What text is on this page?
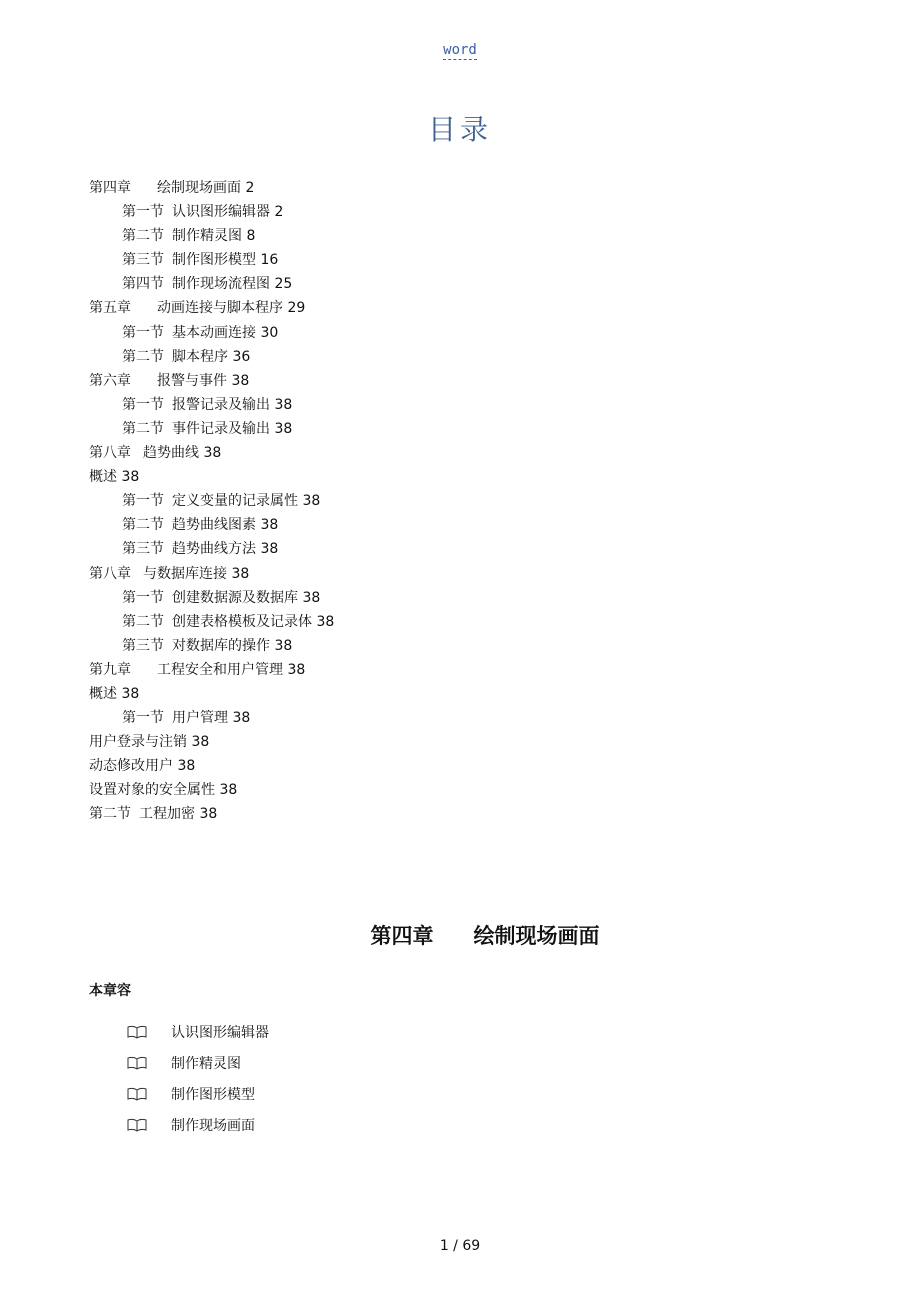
word
目录
第四章 绘制现场画面 2
第一节 认识图形编辑器 2
第二节 制作精灵图 8
第三节 制作图形模型 16
第四节 制作现场流程图 25
第五章 动画连接与脚本程序 29
第一节 基本动画连接 30
第二节 脚本程序 36
第六章 报警与事件 38
第一节 报警记录及输出 38
第二节 事件记录及输出 38
第八章 趋势曲线 38
概述 38
第一节 定义变量的记录属性 38
第二节 趋势曲线图素 38
第三节 趋势曲线方法 38
第八章 与数据库连接 38
第一节 创建数据源及数据库 38
第二节 创建表格模板及记录体 38
第三节 对数据库的操作 38
第九章 工程安全和用户管理 38
概述 38
第一节 用户管理 38
用户登录与注销 38
动态修改用户 38
设置对象的安全属性 38
第二节 工程加密 38
第四章 绘制现场画面
本章容
认识图形编辑器
制作精灵图
制作图形模型
制作现场画面
1 / 69
